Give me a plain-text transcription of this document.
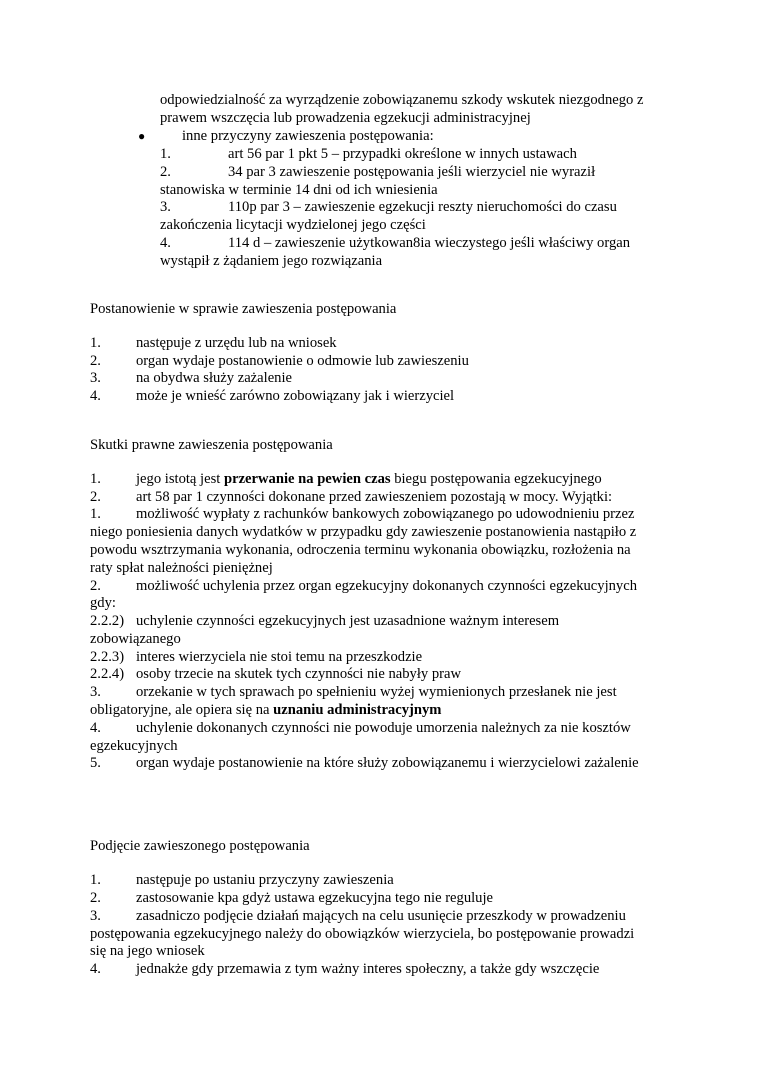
odpowiedzialność za wyrządzenie zobowiązanemu szkody wskutek niezgodnego z
prawem wszczęcia lub prowadzenia egzekucji administracyjnej
●	inne przyczyny zawieszenia postępowania:
1.	art 56 par 1 pkt 5 – przypadki określone w innych ustawach
2.	34 par 3 zawieszenie postępowania jeśli wierzyciel nie wyraził
stanowiska w terminie 14 dni od ich wniesienia
3.	110p par 3 – zawieszenie egzekucji reszty nieruchomości do czasu
zakończenia licytacji wydzielonej jego części
4.	114 d – zawieszenie użytkowan8ia wieczystego jeśli właściwy organ
wystąpił z żądaniem jego rozwiązania
Postanowienie w sprawie zawieszenia postępowania
1. następuje z urzędu lub na wniosek
2. organ wydaje postanowienie o odmowie lub zawieszeniu
3. na obydwa służy zażalenie
4. może je wnieść zarówno zobowiązany jak i wierzyciel
Skutki prawne zawieszenia postępowania
1. jego istotą jest przerwanie na pewien czas biegu postępowania egzekucyjnego
2. art 58 par 1 czynności dokonane przed zawieszeniem pozostają w mocy. Wyjątki:
1. możliwość wypłaty z rachunków bankowych zobowiązanego po udowodnieniu przez
niego poniesienia danych wydatków w przypadku gdy zawieszenie postanowienia nastąpiło z
powodu wsztrzymania wykonania, odroczenia terminu wykonania obowiązku, rozłożenia na
raty spłat należności pieniężnej
2. możliwość uchylenia przez organ egzekucyjny dokonanych czynności egzekucyjnych
gdy:
2.2.2) uchylenie czynności egzekucyjnych jest uzasadnione ważnym interesem
zobowiązanego
2.2.3) interes wierzyciela nie stoi temu na przeszkodzie
2.2.4) osoby trzecie na skutek tych czynności nie nabyły praw
3. orzekanie w tych sprawach po spełnieniu wyżej wymienionych przesłanek nie jest
obligatoryjne, ale opiera się na uznaniu administracyjnym
4. uchylenie dokonanych czynności nie powoduje umorzenia należnych za nie kosztów
egzekucyjnych
5. organ wydaje postanowienie na które służy zobowiązanemu i wierzycielowi zażalenie
Podjęcie zawieszonego postępowania
1. następuje po ustaniu przyczyny zawieszenia
2. zastosowanie kpa gdyż ustawa egzekucyjna tego nie reguluje
3. zasadniczo podjęcie działań mających na celu usunięcie przeszkody w prowadzeniu
postępowania egzekucyjnego należy do obowiązków wierzyciela, bo postępowanie prowadzi
się na jego wniosek
4. jednakże gdy przemawia z tym ważny interes społeczny, a także gdy wszczęcie
